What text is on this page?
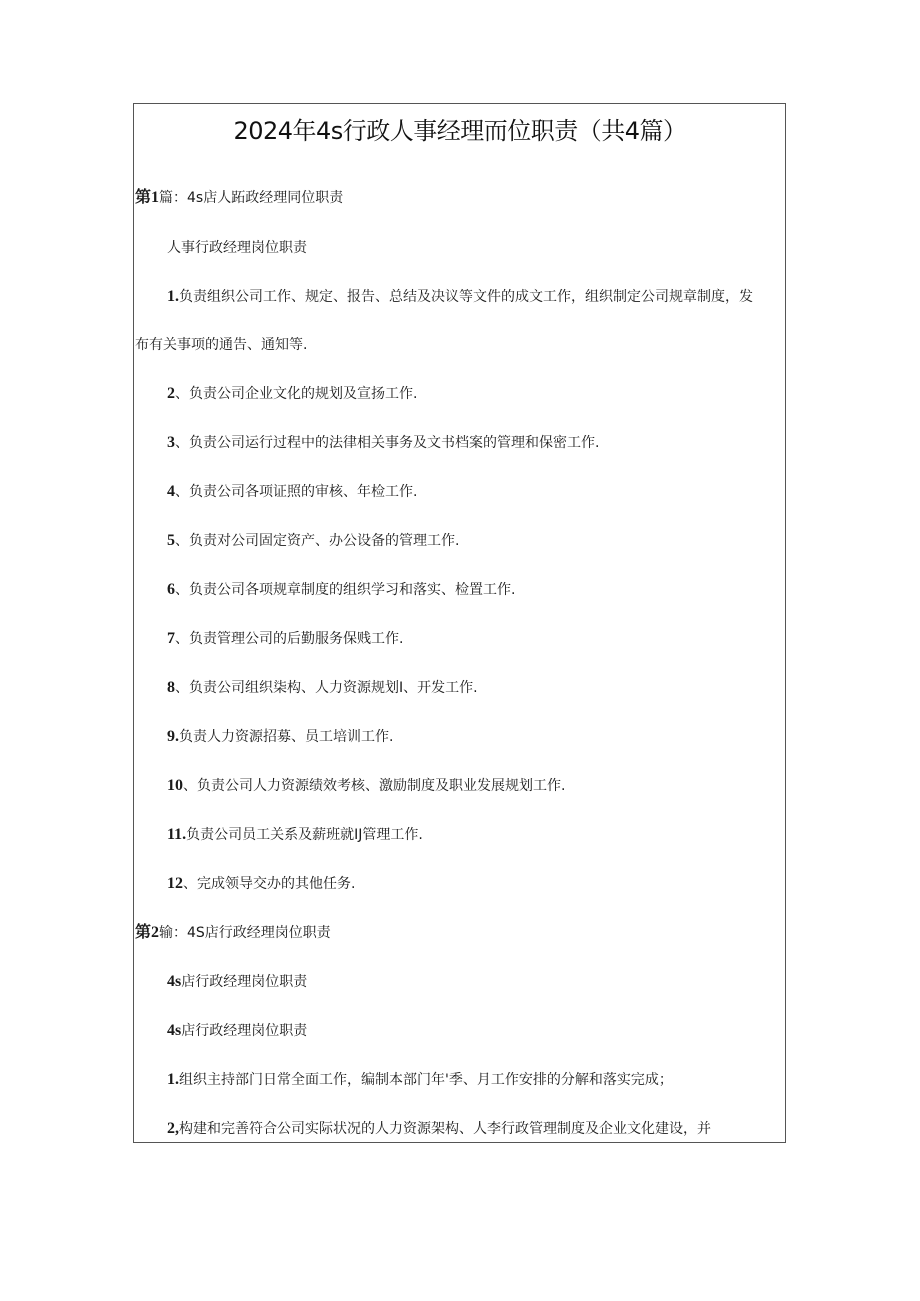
2024年4s行政人事经理而位职责（共4篇）
第1篇：4s店人跖政经理同位职责
人事行政经理岗位职责
1.负责组织公司工作、规定、报告、总结及决议等文件的成文工作，组织制定公司规章制度，发
布有关事项的通告、通知等.
2、负责公司企业文化的规划及宣扬工作.
3、负责公司运行过程中的法律相关事务及文书档案的管理和保密工作.
4、负责公司各项证照的审核、年检工作.
5、负责对公司固定资产、办公设备的管理工作.
6、负责公司各项规章制度的组织学习和落实、检置工作.
7、负责管理公司的后勤服务保贱工作.
8、负责公司组织柒构、人力资源规划I、开发工作.
9.负责人力资源招募、员工培训工作.
10、负责公司人力资源绩效考核、激励制度及职业发展规划工作.
11.负责公司员工关系及薪班就IJ管理工作.
12、完成领导交办的其他任务.
第2输：4S店行政经理岗位职责
4s店行政经理岗位职责
4s店行政经理岗位职责
1.组织主持部门日常全面工作，编制本部门年'季、月工作安排的分解和落实完成；
2,构建和完善符合公司实际状况的人力资源架构、人李行政管理制度及企业文化建设，并
